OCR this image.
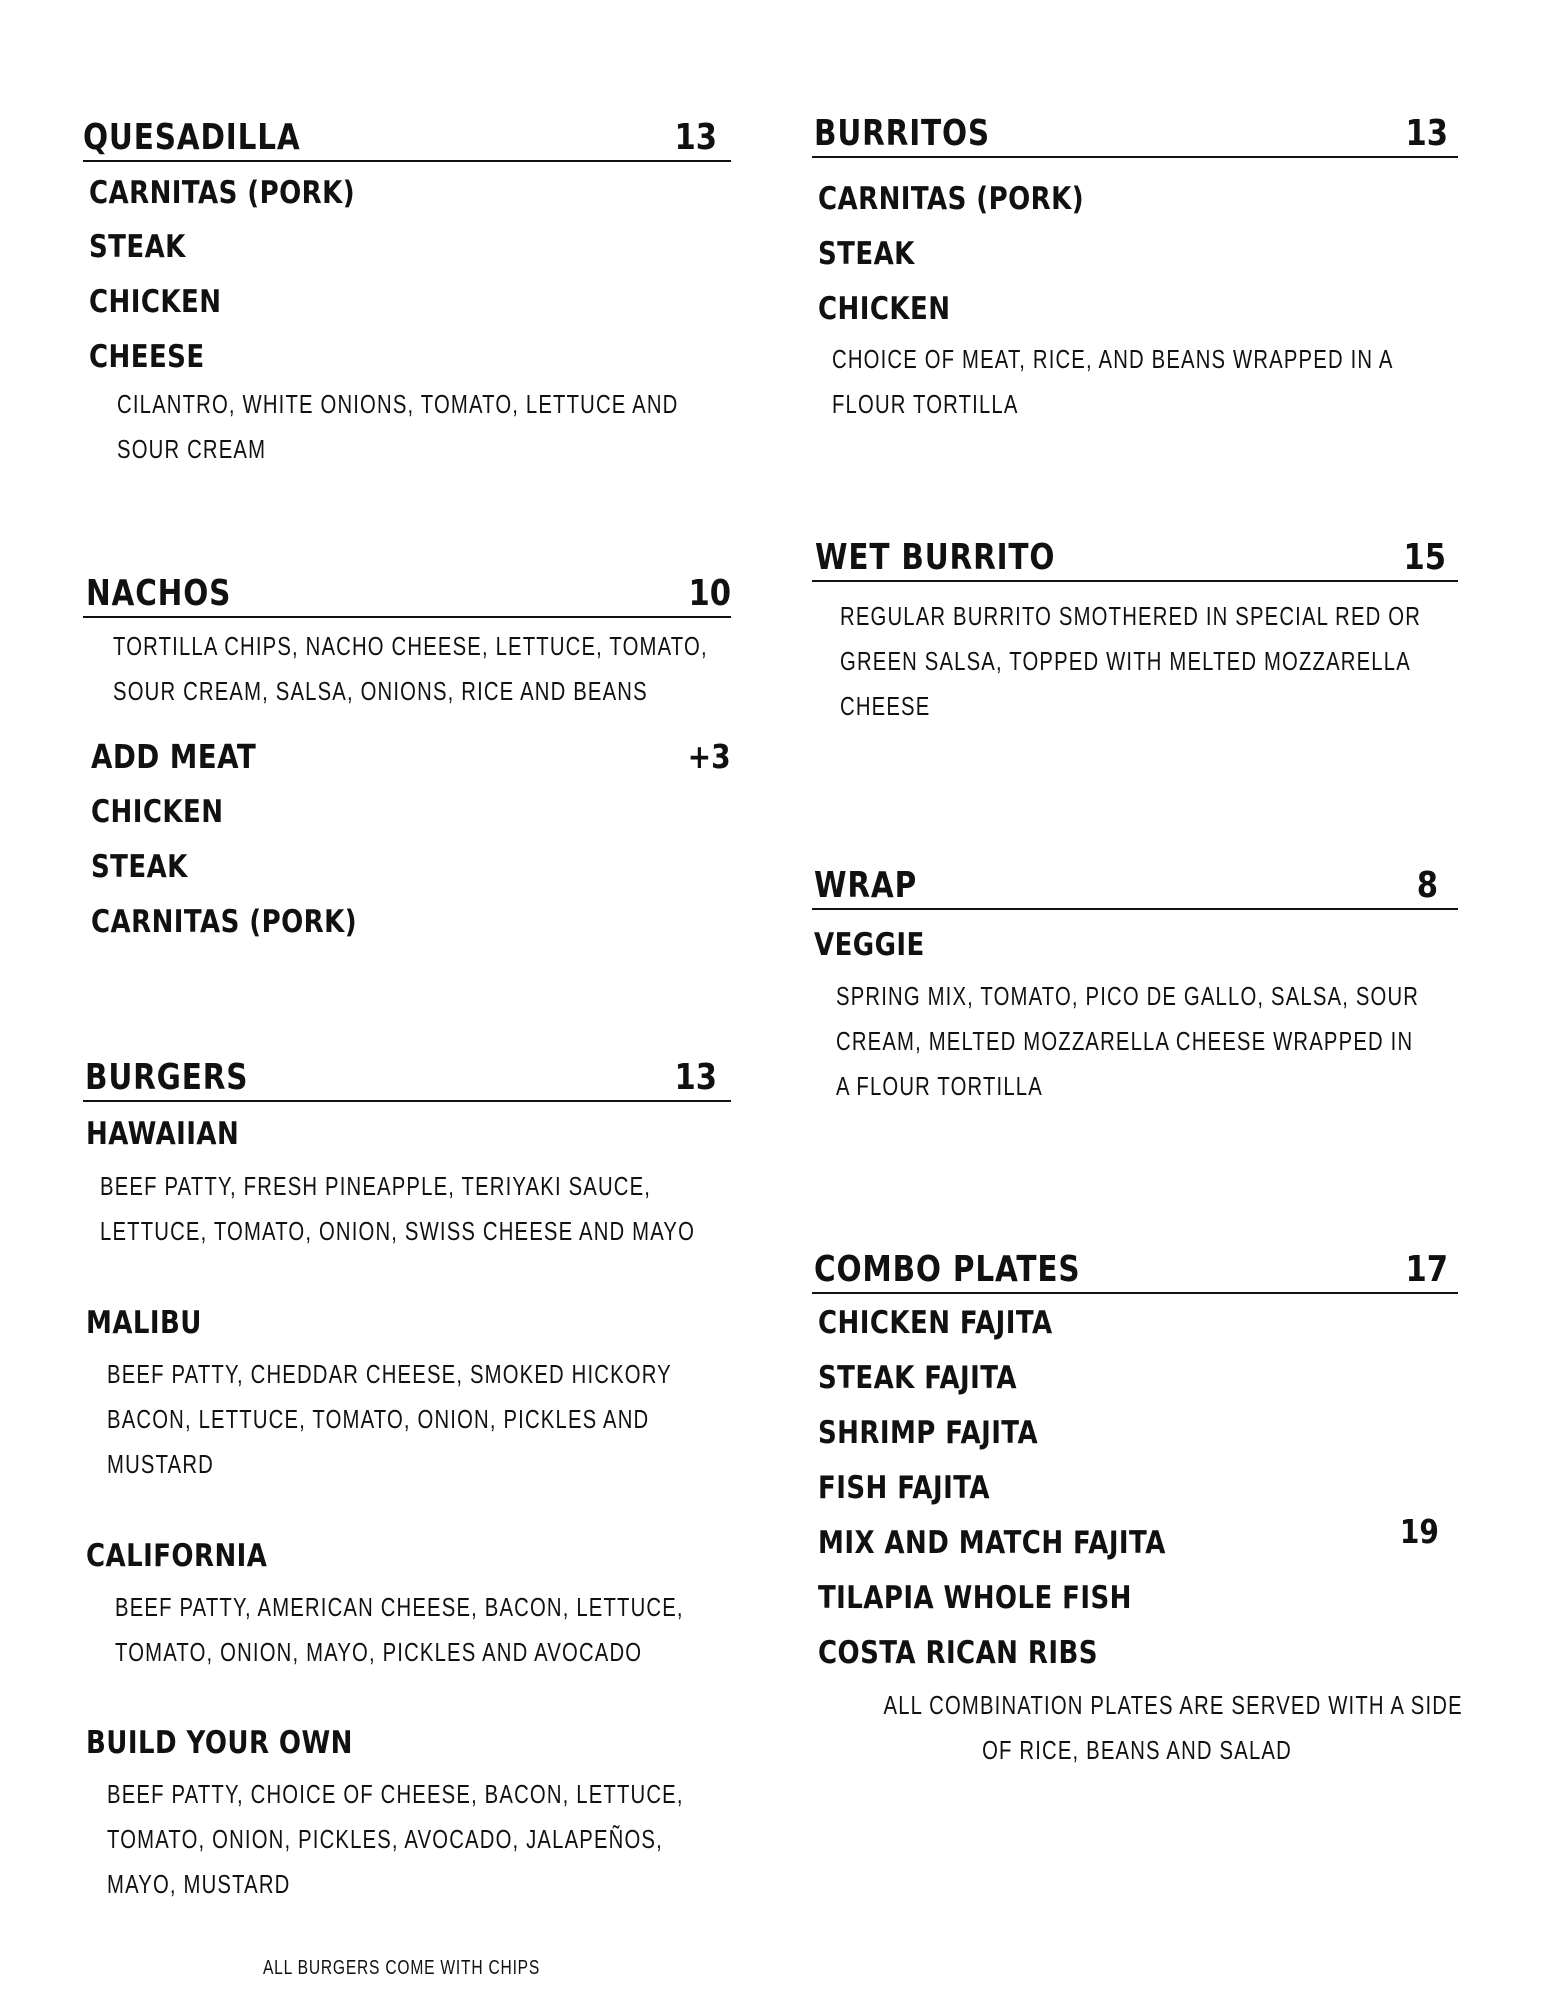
QUESADILLA	13
CARNITAS (PORK)
STEAK
CHICKEN
CHEESE
CILANTRO, WHITE ONIONS, TOMATO, LETTUCE AND
SOUR CREAM
NACHOS	10
TORTILLA CHIPS, NACHO CHEESE, LETTUCE, TOMATO,
SOUR CREAM, SALSA, ONIONS, RICE AND BEANS
ADD MEAT	+3
CHICKEN
STEAK
CARNITAS (PORK)
BURGERS	13
HAWAIIAN
BEEF PATTY, FRESH PINEAPPLE, TERIYAKI SAUCE,
LETTUCE, TOMATO, ONION, SWISS CHEESE AND MAYO
MALIBU
BEEF PATTY, CHEDDAR CHEESE, SMOKED HICKORY
BACON, LETTUCE, TOMATO, ONION, PICKLES AND
MUSTARD
CALIFORNIA
BEEF PATTY, AMERICAN CHEESE, BACON, LETTUCE,
TOMATO, ONION, MAYO, PICKLES AND AVOCADO
BUILD YOUR OWN
BEEF PATTY, CHOICE OF CHEESE, BACON, LETTUCE,
TOMATO, ONION, PICKLES, AVOCADO, JALAPEÑOS,
MAYO, MUSTARD
ALL BURGERS COME WITH CHIPS
BURRITOS	13
CARNITAS (PORK)
STEAK
CHICKEN
CHOICE OF MEAT, RICE, AND BEANS WRAPPED IN A
FLOUR TORTILLA
WET BURRITO	15
REGULAR BURRITO SMOTHERED IN SPECIAL RED OR
GREEN SALSA, TOPPED WITH MELTED MOZZARELLA
CHEESE
WRAP	8
VEGGIE
SPRING MIX, TOMATO, PICO DE GALLO, SALSA, SOUR
CREAM, MELTED MOZZARELLA CHEESE WRAPPED IN
A FLOUR TORTILLA
COMBO PLATES	17
CHICKEN FAJITA
STEAK FAJITA
SHRIMP FAJITA
FISH FAJITA
MIX AND MATCH FAJITA	19
TILAPIA WHOLE FISH
COSTA RICAN RIBS
ALL COMBINATION PLATES ARE SERVED WITH A SIDE
OF RICE, BEANS AND SALAD
